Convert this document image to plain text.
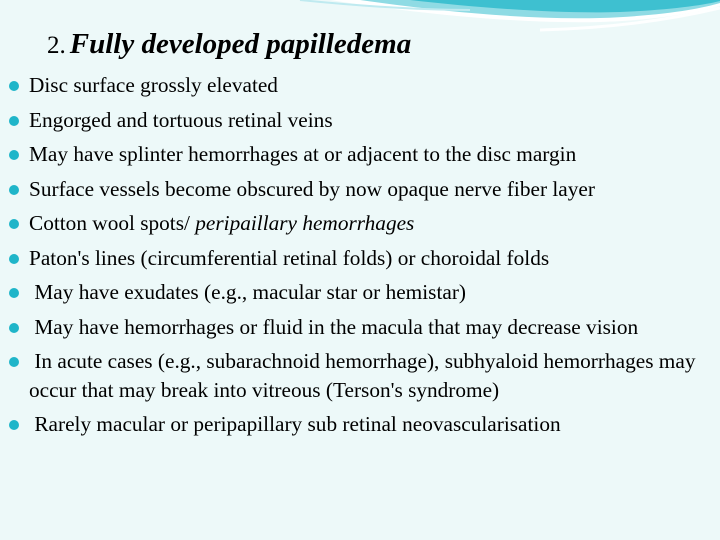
2. Fully developed papilledema
Disc surface grossly elevated
Engorged and tortuous retinal veins
May have splinter hemorrhages at or adjacent to the disc margin
Surface vessels become obscured by now opaque nerve fiber layer
Cotton wool spots/ peripaillary hemorrhages
Paton's lines (circumferential retinal folds) or choroidal folds
May have exudates (e.g., macular star or hemistar)
May have hemorrhages or fluid in the macula that may decrease vision
In acute cases (e.g., subarachnoid hemorrhage), subhyaloid hemorrhages may occur that may break into vitreous (Terson's syndrome)
Rarely macular or peripapillary sub retinal neovascularisation
